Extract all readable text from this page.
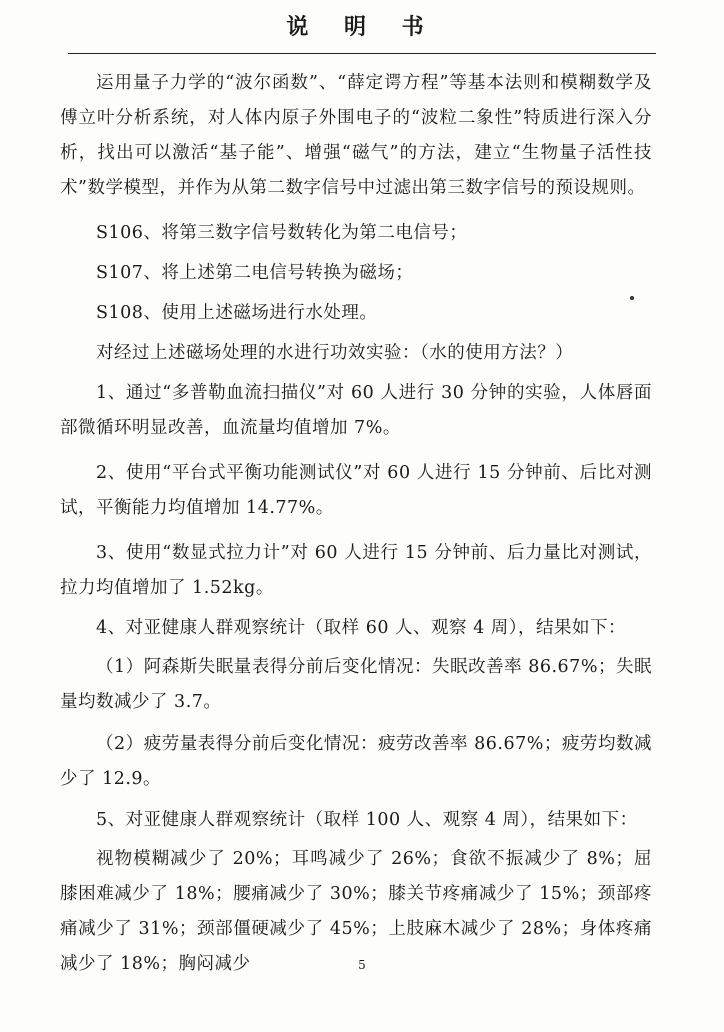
说 明 书

运用量子力学的“波尔函数”、“薛定谔方程”等基本法则和模糊数学及傅立叶分析系统，对人体内原子外围电子的“波粒二象性”特质进行深入分析，找出可以激活“基子能”、增强“磁气”的方法，建立“生物量子活性技术”数学模型，并作为从第二数字信号中过滤出第三数字信号的预设规则。

S106、将第三数字信号数转化为第二电信号；

S107、将上述第二电信号转换为磁场；

S108、使用上述磁场进行水处理。

对经过上述磁场处理的水进行功效实验：（水的使用方法？）

1、通过“多普勒血流扫描仪”对 60 人进行 30 分钟的实验，人体唇面部微循环明显改善，血流量均值增加 7%。

2、使用“平台式平衡功能测试仪”对 60 人进行 15 分钟前、后比对测试，平衡能力均值增加 14.77%。

3、使用“数显式拉力计”对 60 人进行 15 分钟前、后力量比对测试，拉力均值增加了 1.52kg。

4、对亚健康人群观察统计（取样 60 人、观察 4 周），结果如下：

（1）阿森斯失眠量表得分前后变化情况：失眠改善率 86.67%；失眠量均数减少了 3.7。

（2）疲劳量表得分前后变化情况：疲劳改善率 86.67%；疲劳均数减少了 12.9。

5、对亚健康人群观察统计（取样 100 人、观察 4 周），结果如下：

视物模糊减少了 20%；耳鸣减少了 26%；食欲不振减少了 8%；屈膝困难减少了 18%；腰痛减少了 30%；膝关节疼痛减少了 15%；颈部疼痛减少了 31%；颈部僵硬减少了 45%；上肢麻木减少了 28%；身体疼痛减少了 18%；胸闷减少	5
